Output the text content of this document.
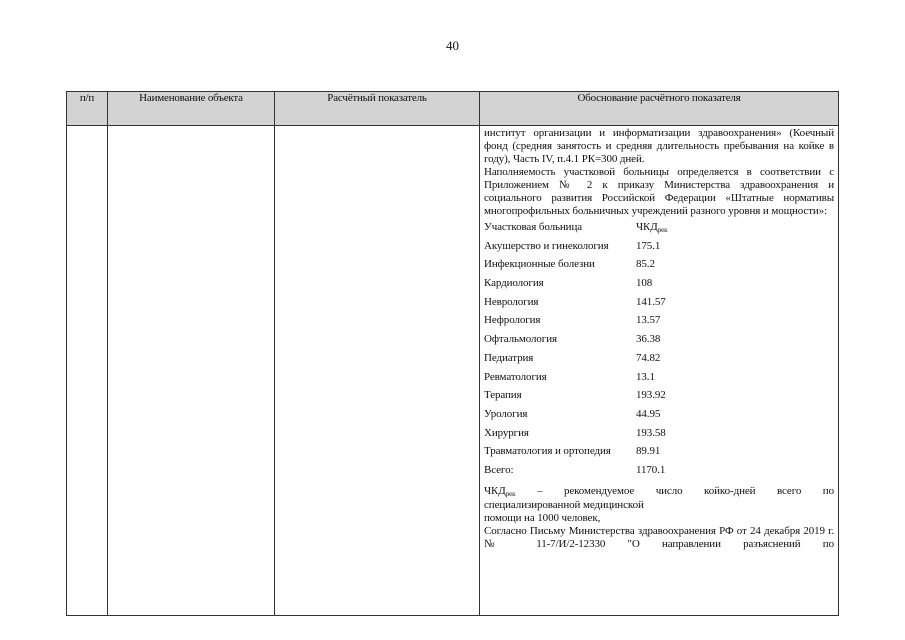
40
п/п	Наименование объекта	Расчётный показатель	Обоснование расчётного показателя

институт организации и информатизации здравоохранения» (Коечный фонд (средняя занятость и средняя длительность пребывания на койке в году), Часть IV, п.4.1 РК=300 дней.
Наполняемость участковой больницы определяется в соответствии с Приложением № 2 к приказу Министерства здравоохранения и социального развития Российской Федерации «Штатные нормативы многопрофильных больничных учреждений разного уровня и мощности»:
Участковая больница	$ЧКД_{рек}$
Акушерство и гинекология	175.1
Инфекционные болезни	85.2
Кардиология	108
Неврология	141.57
Нефрология	13.57
Офтальмология	36.38
Педиатрия	74.82
Ревматология	13.1
Терапия	193.92
Урология	44.95
Хирургия	193.58
Травматология и ортопедия	89.91
Всего:	1170.1
$ЧКД_{рек}$ – рекомендуемое число койко-дней всего по
специализированной медицинской
помощи на 1000 человек,
Согласно Письму Министерства здравоохранения РФ от 24 декабря 2019 г. № 11-7/И/2-12330 "О направлении разъяснений по
